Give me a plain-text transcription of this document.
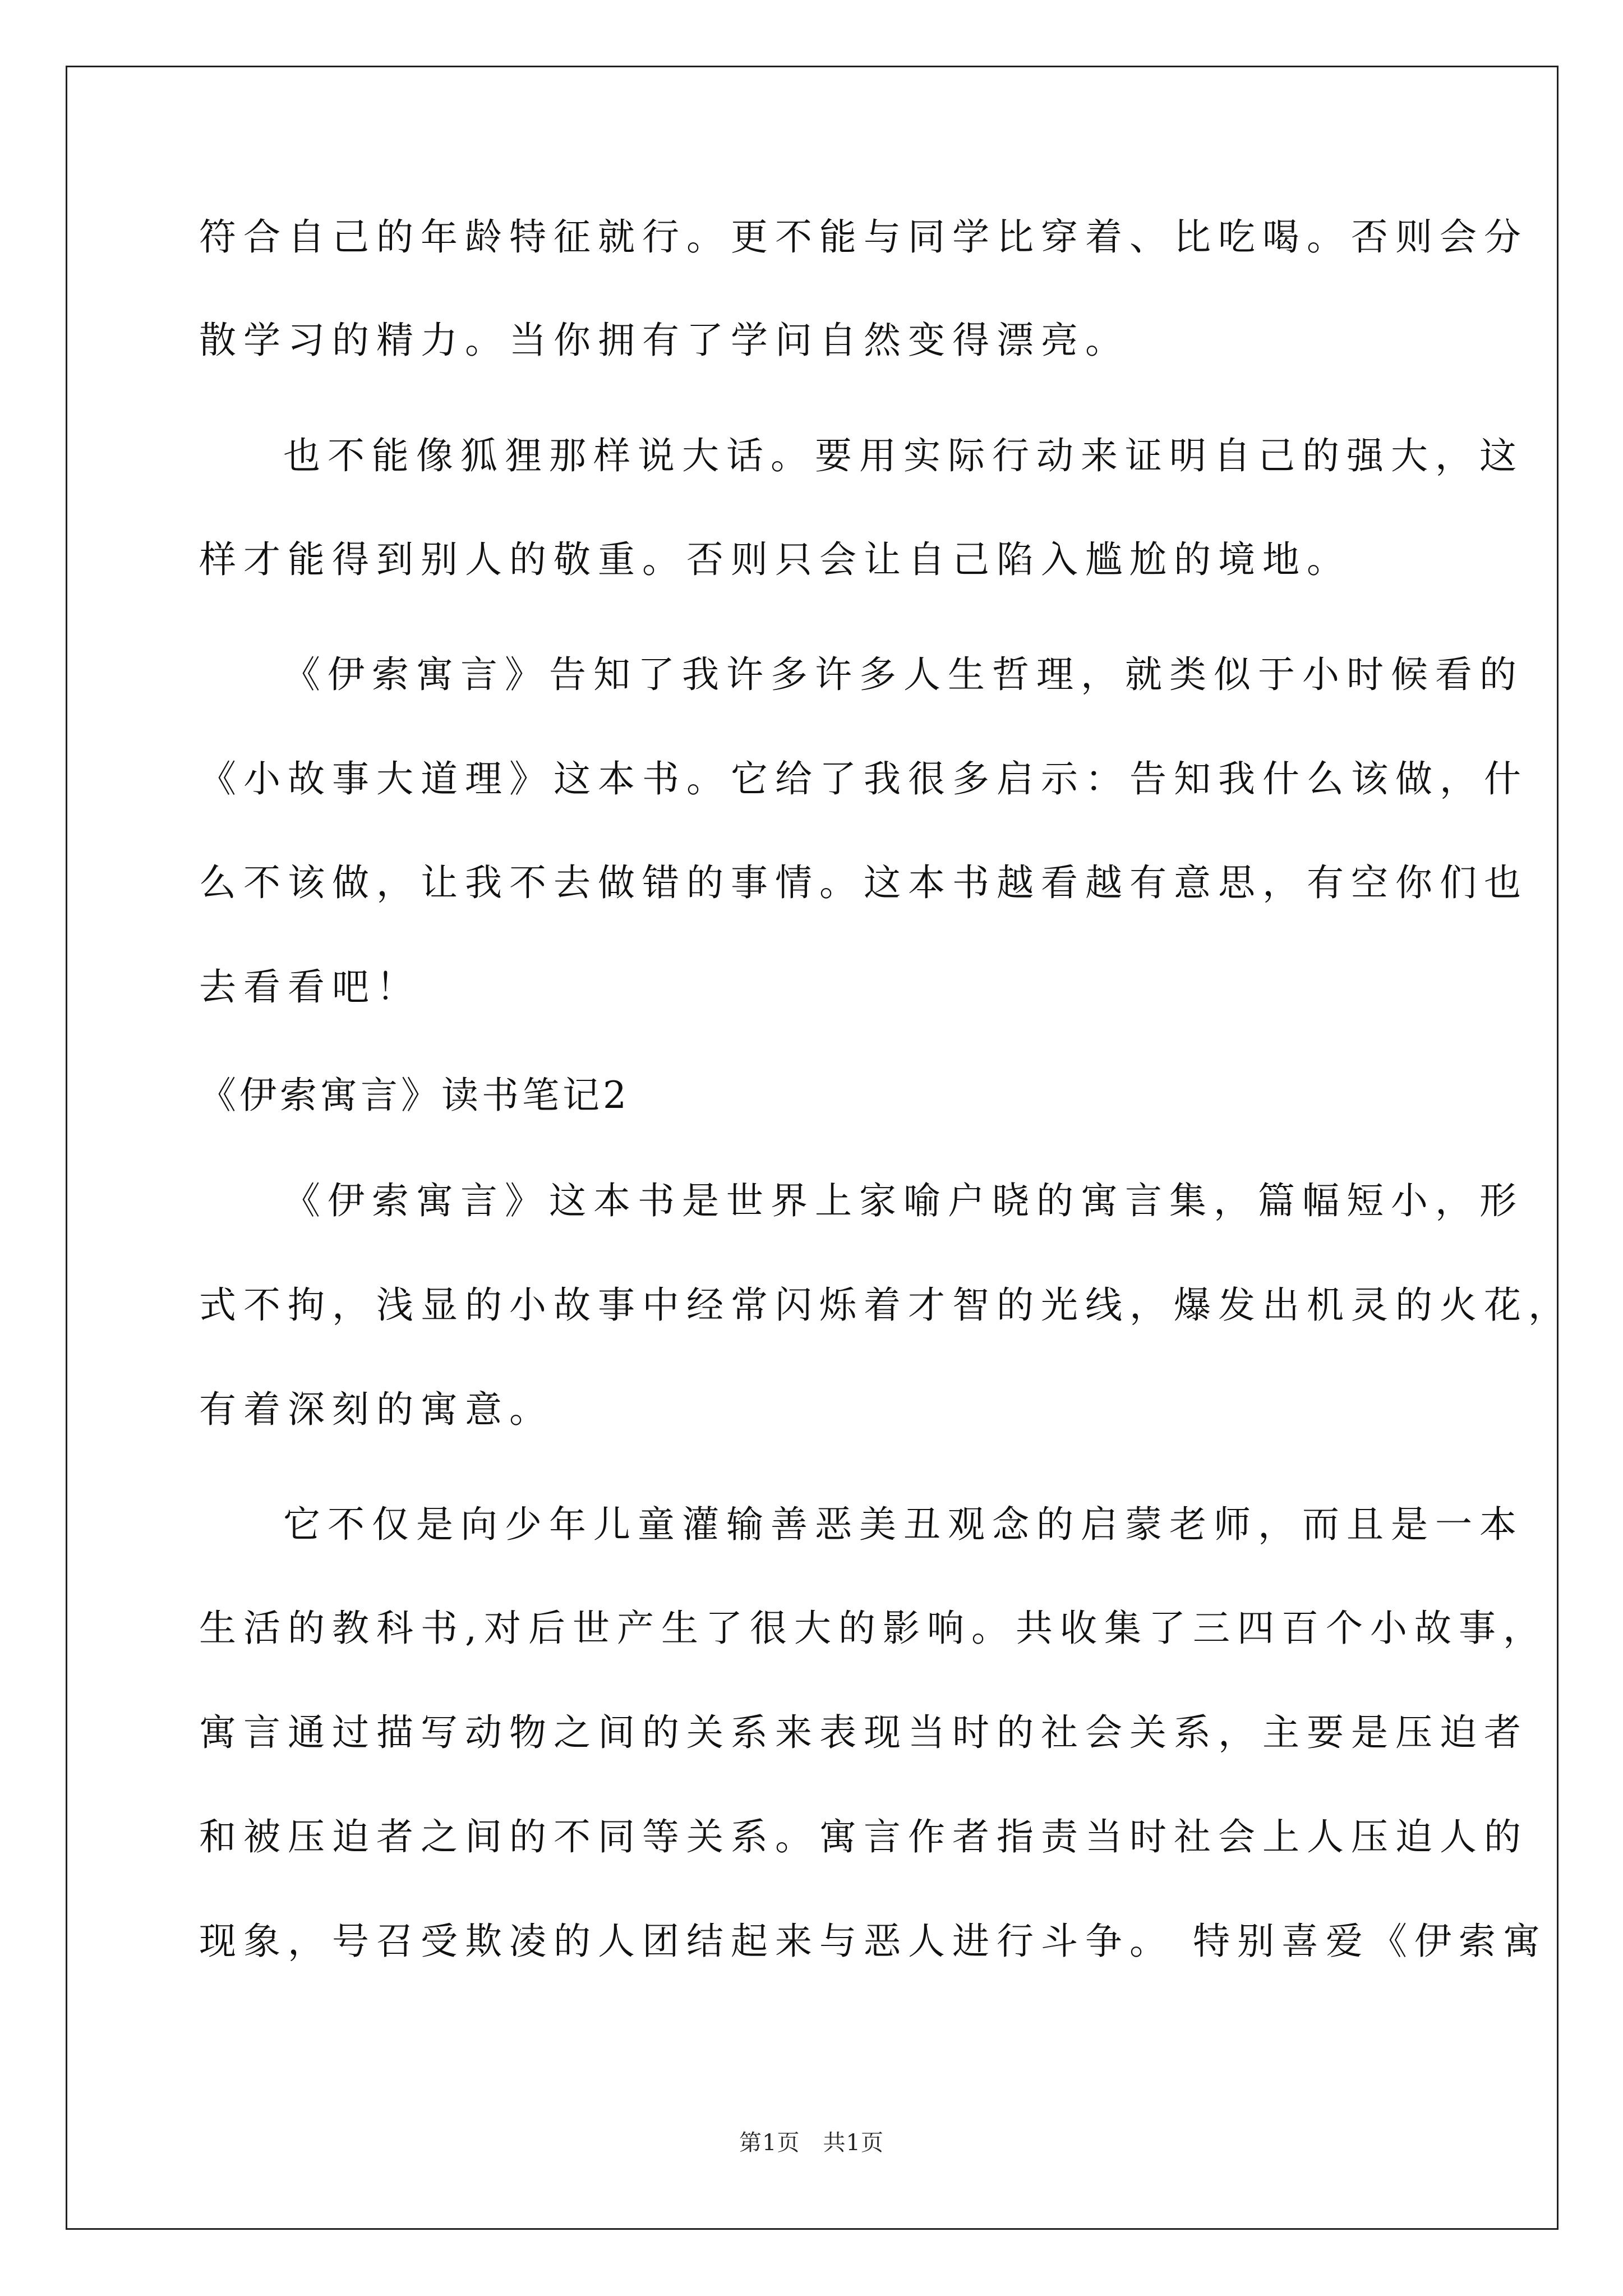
符合自己的年龄特征就行。更不能与同学比穿着、比吃喝。否则会分
散学习的精力。当你拥有了学问自然变得漂亮。
也不能像狐狸那样说大话。要用实际行动来证明自己的强大，这
样才能得到别人的敬重。否则只会让自己陷入尴尬的境地。
《伊索寓言》告知了我许多许多人生哲理，就类似于小时候看的
《小故事大道理》这本书。它给了我很多启示：告知我什么该做，什
么不该做，让我不去做错的事情。这本书越看越有意思，有空你们也
去看看吧！
《伊索寓言》读书笔记2
《伊索寓言》这本书是世界上家喻户晓的寓言集，篇幅短小，形
式不拘，浅显的小故事中经常闪烁着才智的光线，爆发出机灵的火花，
有着深刻的寓意。
它不仅是向少年儿童灌输善恶美丑观念的启蒙老师，而且是一本
生活的教科书,对后世产生了很大的影响。共收集了三四百个小故事，
寓言通过描写动物之间的关系来表现当时的社会关系，主要是压迫者
和被压迫者之间的不同等关系。寓言作者指责当时社会上人压迫人的
现象，号召受欺凌的人团结起来与恶人进行斗争。 特别喜爱《伊索寓
第1页　共1页
